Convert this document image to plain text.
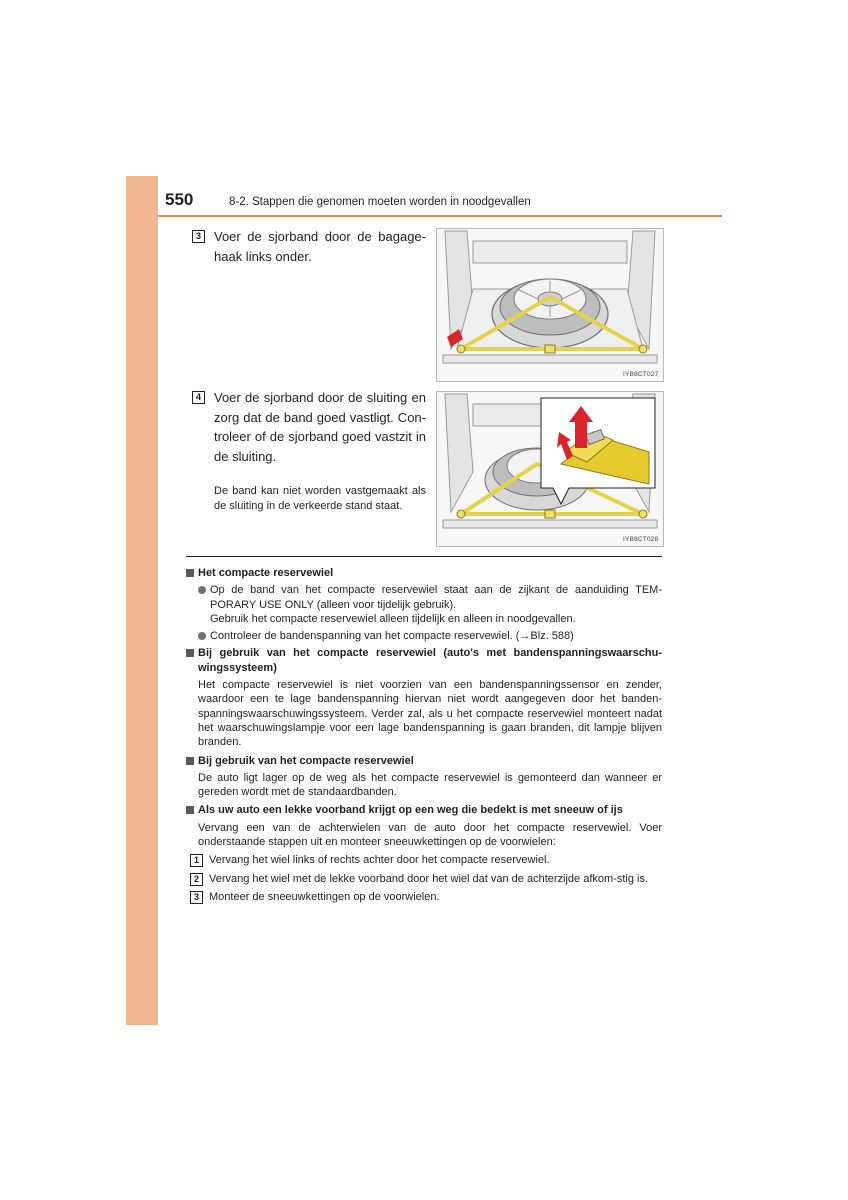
550	8-2. Stappen die genomen moeten worden in noodgevallen
3 Voer de sjorband door de bagage-haak links onder.
IYB8CT027
4 Voer de sjorband door de sluiting en zorg dat de band goed vastligt. Con-troleer of de sjorband goed vastzit in de sluiting.
De band kan niet worden vastgemaakt als de sluiting in de verkeerde stand staat.
IYB8CT028
Het compacte reservewiel
Op de band van het compacte reservewiel staat aan de zijkant de aanduiding TEM-PORARY USE ONLY (alleen voor tijdelijk gebruik).
Gebruik het compacte reservewiel alleen tijdelijk en alleen in noodgevallen.
Controleer de bandenspanning van het compacte reservewiel. (→Blz. 588)
Bij gebruik van het compacte reservewiel (auto's met bandenspanningswaarschu-wingssysteem)
Het compacte reservewiel is niet voorzien van een bandenspanningssensor en zender, waardoor een te lage bandenspanning hiervan niet wordt aangegeven door het banden-spanningswaarschuwingssysteem. Verder zal, als u het compacte reservewiel monteert nadat het waarschuwingslampje voor een lage bandenspanning is gaan branden, dit lampje blijven branden.
Bij gebruik van het compacte reservewiel
De auto ligt lager op de weg als het compacte reservewiel is gemonteerd dan wanneer er gereden wordt met de standaardbanden.
Als uw auto een lekke voorband krijgt op een weg die bedekt is met sneeuw of ijs
Vervang een van de achterwielen van de auto door het compacte reservewiel. Voer onderstaande stappen uit en monteer sneeuwkettingen op de voorwielen:
1 Vervang het wiel links of rechts achter door het compacte reservewiel.
2 Vervang het wiel met de lekke voorband door het wiel dat van de achterzijde afkom-stig is.
3 Monteer de sneeuwkettingen op de voorwielen.
